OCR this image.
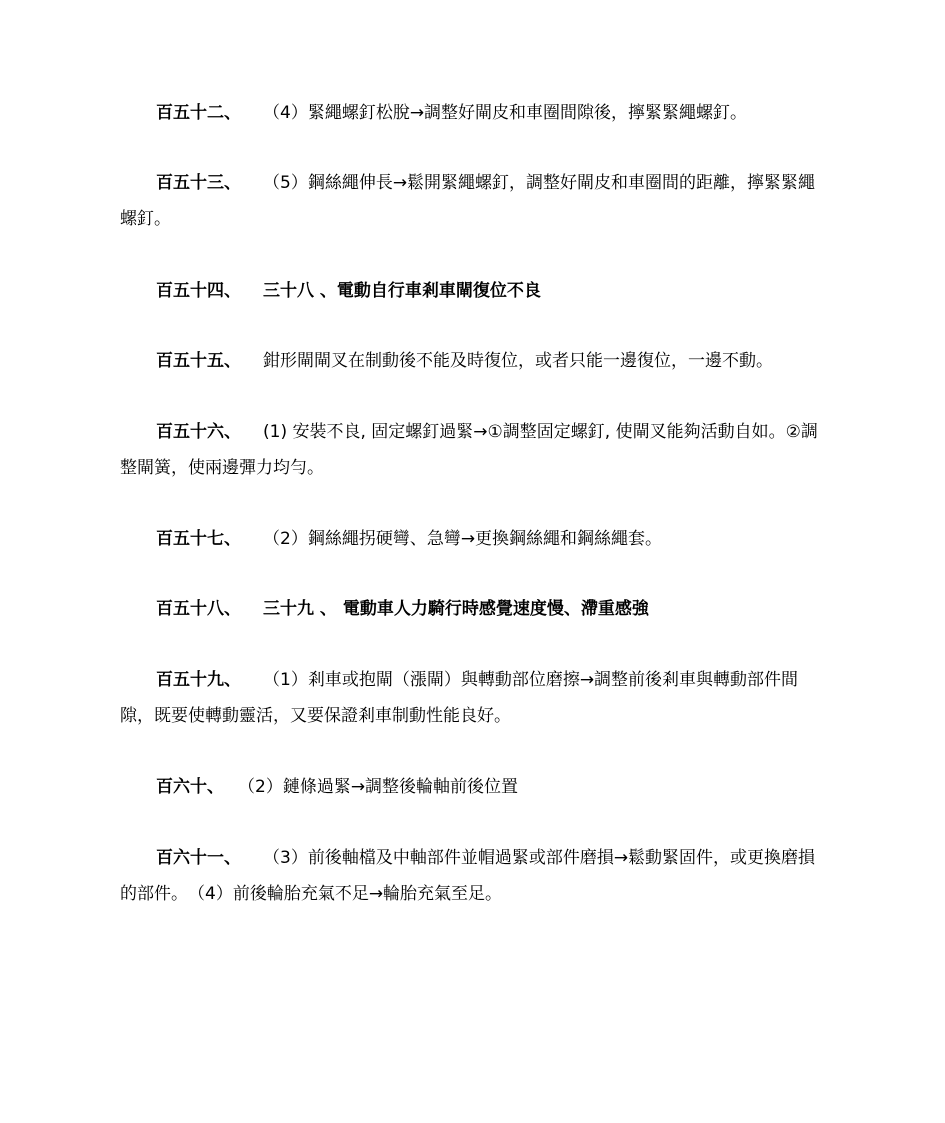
百五十二、 （4）緊繩螺釘松脫→調整好閘皮和車圈間隙後，擰緊緊繩螺釘。

百五十三、 （5）鋼絲繩伸長→鬆開緊繩螺釘，調整好閘皮和車圈間的距離，擰緊緊繩螺釘。

百五十四、 三十八 、電動自行車剎車閘復位不良

百五十五、 鉗形閘閘叉在制動後不能及時復位，或者只能一邊復位，一邊不動。

百五十六、 (1) 安裝不良, 固定螺釘過緊→①調整固定螺釘, 使閘叉能夠活動自如。②調整閘簧，使兩邊彈力均勻。

百五十七、 （2）鋼絲繩拐硬彎、急彎→更換鋼絲繩和鋼絲繩套。

百五十八、 三十九 、 電動車人力騎行時感覺速度慢、滯重感強

百五十九、 （1）剎車或抱閘（漲閘）與轉動部位磨擦→調整前後剎車與轉動部件間隙，既要使轉動靈活，又要保證剎車制動性能良好。

百六十、 （2）鏈條過緊→調整後輪軸前後位置

百六十一、 （3）前後軸檔及中軸部件並帽過緊或部件磨損→鬆動緊固件，或更換磨損的部件。　（4）前後輪胎充氣不足→輪胎充氣至足。
